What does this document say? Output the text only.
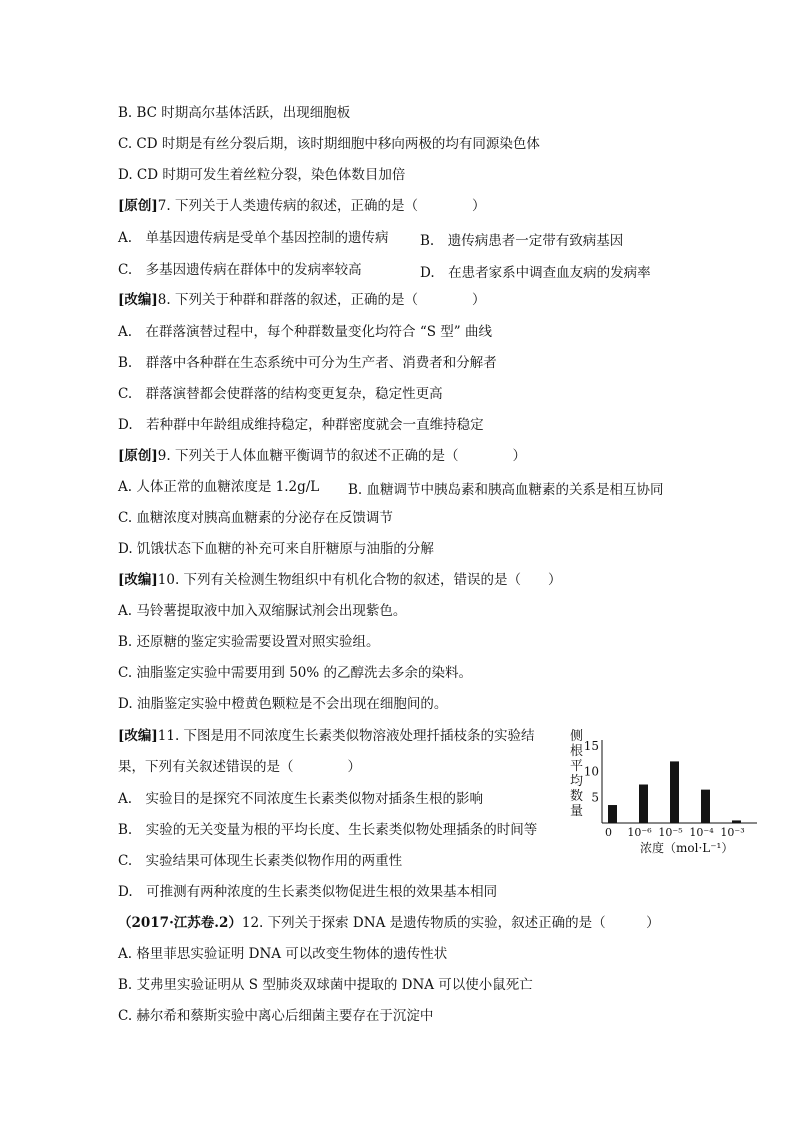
B. BC 时期高尔基体活跃，出现细胞板
C. CD 时期是有丝分裂后期，该时期细胞中移向两极的均有同源染色体
D. CD 时期可发生着丝粒分裂，染色体数目加倍
[原创]7. 下列关于人类遗传病的叙述，正确的是（　　　　）
A.　单基因遗传病是受单个基因控制的遗传病 B.　遗传病患者一定带有致病基因
C.　多基因遗传病在群体中的发病率较高	D.　在患者家系中调查血友病的发病率
[改编]8. 下列关于种群和群落的叙述，正确的是（　　　　）
A.　在群落演替过程中，每个种群数量变化均符合 “S 型” 曲线
B.　群落中各种群在生态系统中可分为生产者、消费者和分解者
C.　群落演替都会使群落的结构变更复杂，稳定性更高
D.　若种群中年龄组成维持稳定，种群密度就会一直维持稳定
[原创]9. 下列关于人体血糖平衡调节的叙述不正确的是（　　　　）
A. 人体正常的血糖浓度是 1.2g/L B. 血糖调节中胰岛素和胰高血糖素的关系是相互协同
C. 血糖浓度对胰高血糖素的分泌存在反馈调节
D. 饥饿状态下血糖的补充可来自肝糖原与油脂的分解
[改编]10. 下列有关检测生物组织中有机化合物的叙述，错误的是（　　）
A. 马铃薯提取液中加入双缩脲试剂会出现紫色。
B. 还原糖的鉴定实验需要设置对照实验组。
C. 油脂鉴定实验中需要用到 50% 的乙醇洗去多余的染料。
D. 油脂鉴定实验中橙黄色颗粒是不会出现在细胞间的。
[改编]11. 下图是用不同浓度生长素类似物溶液处理扦插枝条的实验结
果，下列有关叙述错误的是（　　　　）
A.　实验目的是探究不同浓度生长素类似物对插条生根的影响
B.　实验的无关变量为根的平均长度、生长素类似物处理插条的时间等
C.　实验结果可体现生长素类似物作用的两重性
D.　可推测有两种浓度的生长素类似物促进生根的效果基本相同
（2017·江苏卷.2）12. 下列关于探索 DNA 是遗传物质的实验，叙述正确的是（　　　）
A. 格里菲思实验证明 DNA 可以改变生物体的遗传性状
B. 艾弗里实验证明从 S 型肺炎双球菌中提取的 DNA 可以使小鼠死亡
C. 赫尔希和蔡斯实验中离心后细菌主要存在于沉淀中
侧根平均数量
5
10
15
0 10⁻⁶ 10⁻⁵ 10⁻⁴ 10⁻³
浓度（mol·L⁻¹）
